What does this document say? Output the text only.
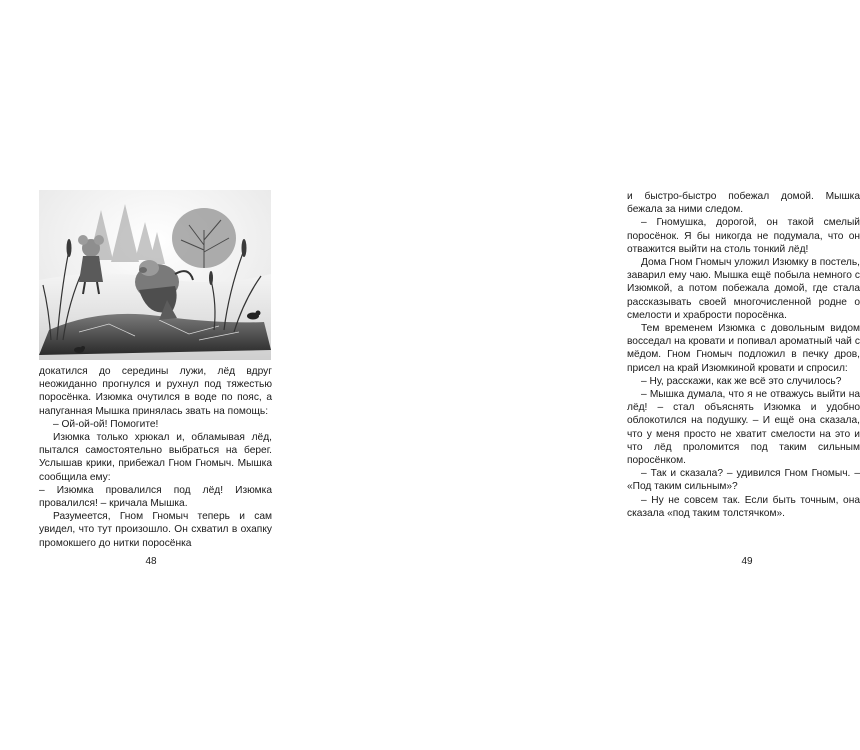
докатился до середины лужи, лёд вдруг неожиданно прогнулся и рухнул под тяжестью поросёнка. Изюмка очутился в воде по пояс, а напуганная Мышка принялась звать на помощь:

– Ой-ой-ой! Помогите!

Изюмка только хрюкал и, обламывая лёд, пытался самостоятельно выбраться на берег. Услышав крики, прибежал Гном Гномыч. Мышка сообщила ему:

– Изюмка провалился под лёд! Изюмка провалился! – кричала Мышка.

Разумеется, Гном Гномыч теперь и сам увидел, что тут произошло. Он схватил в охапку промокшего до нитки поросёнка

48

и быстро-быстро побежал домой. Мышка бежала за ними следом.

– Гномушка, дорогой, он такой смелый поросёнок. Я бы никогда не подумала, что он отважится выйти на столь тонкий лёд!

Дома Гном Гномыч уложил Изюмку в постель, заварил ему чаю. Мышка ещё побыла немного с Изюмкой, а потом побежала домой, где стала рассказывать своей многочисленной родне о смелости и храбрости поросёнка.

Тем временем Изюмка с довольным видом восседал на кровати и попивал ароматный чай с мёдом. Гном Гномыч подложил в печку дров, присел на край Изюмкиной кровати и спросил:

– Ну, расскажи, как же всё это случилось?

– Мышка думала, что я не отважусь выйти на лёд! – стал объяснять Изюмка и удобно облокотился на подушку. – И ещё она сказала, что у меня просто не хватит смелости на это и что лёд проломится под таким сильным поросёнком.

– Так и сказала? – удивился Гном Гномыч. – «Под таким сильным»?

– Ну не совсем так. Если быть точным, она сказала «под таким толстячком».

49
